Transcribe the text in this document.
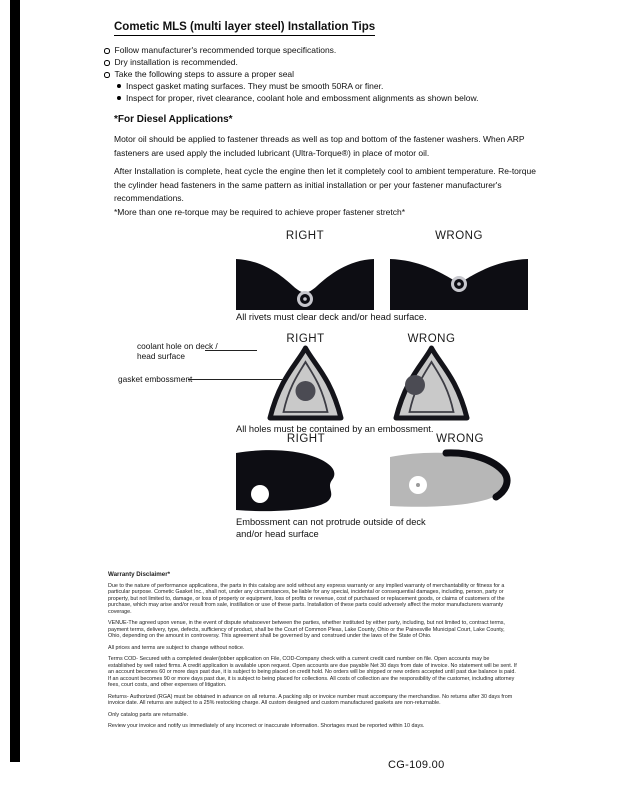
Cometic MLS (multi layer steel) Installation Tips
Follow manufacturer's recommended torque specifications.
Dry installation is recommended.
Take the following steps to assure a proper seal
Inspect gasket mating surfaces. They must be smooth 50RA or finer.
Inspect for proper, rivet clearance, coolant hole and embossment alignments as shown below.
*For Diesel Applications*
Motor oil should be applied to fastener threads as well as top and bottom of the fastener washers. When ARP fasteners are used apply the included lubricant (Ultra-Torque®) in place of motor oil.
After Installation is complete, heat cycle the engine then let it completely cool to ambient temperature. Re-torque the cylinder head fasteners in the same pattern as initial installation or per your fastener manufacturer's recommendations.
*More than one re-torque may be required to achieve proper fastener stretch*
RIGHT	WRONG
All rivets must clear deck and/or head surface.
coolant hole on deck / head surface
gasket embossment
RIGHT	WRONG
All holes must be contained by an embossment.
RIGHT	WRONG
Embossment can not protrude outside of deck and/or head surface
Warranty Disclaimer*

Due to the nature of performance applications, the parts in this catalog are sold without any express warranty or any implied warranty of merchantability or fitness for a particular purpose. Cometic Gasket Inc., shall not, under any circumstances, be liable for any special, incidental or consequential damages, including, person, party or property, but not limited to, damage, or loss of property or equipment, loss of profits or revenue, cost of purchased or replacement goods, or claims of customers of the purchase, which may arise and/or result from sale, instillation or use of these parts. Installation of these parts could adversely affect the motor manufacturers warranty coverage.

VENUE-The agreed upon venue, in the event of dispute whatsoever between the parties, whether instituted by either party, including, but not limited to, contract terms, payment terms, delivery, type, defects, sufficiency of product, shall be the Court of Common Pleas, Lake County, Ohio or the Painesville Municipal Court, Lake County, Ohio, depending on the amount in controversy. This agreement shall be governed by and construed under the laws of the State of Ohio.

All prices and terms are subject to change without notice.

Terms COD- Secured with a completed dealer/jobber application on File, COD-Company check with a current credit card number on file. Open accounts may be established by well rated firms. A credit application is available upon request. Open accounts are due payable Net 30 days from date of invoice. No statement will be sent. If an account becomes 60 or more days past due, it is subject to being placed on credit hold. No orders will be shipped or new orders accepted until past due balance is paid. If an account becomes 90 or more days past due, it is subject to being placed for collections. All costs of collection are the responsibility of the customer, including attorney fees, court costs, and other expenses of litigation.

Returns- Authorized (RGA) must be obtained in advance on all returns. A packing slip or invoice number must accompany the merchandise. No returns after 30 days from invoice date. All returns are subject to a 25% restocking charge. All custom designed and custom manufactured gaskets are non-returnable.

Only catalog parts are returnable.

Review your invoice and notify us immediately of any incorrect or inaccurate information. Shortages must be reported within 10 days.

CG-109.00
